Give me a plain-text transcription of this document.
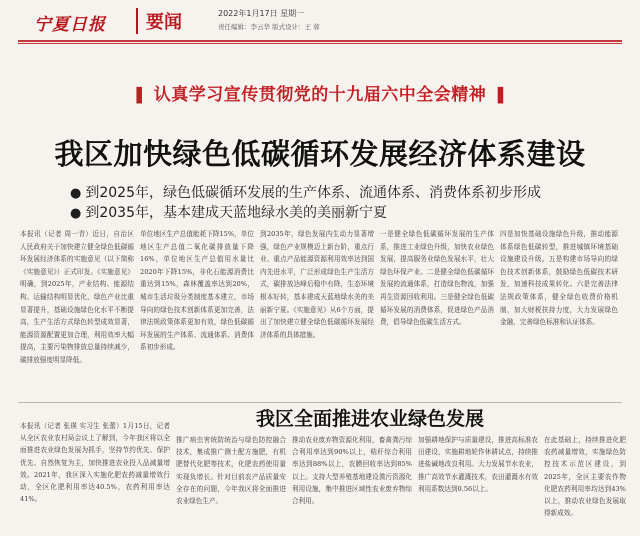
宁夏日报	要闻	2022年1月17日 星期一
责任编辑：李云华 版式设计：王 蓉
▌ 认真学习宣传贯彻党的十九届六中全会精神 ▐
我区加快绿色低碳循环发展经济体系建设
● 到2025年，绿色低碳循环发展的生产体系、流通体系、消费体系初步形成
● 到2035年，基本建成天蓝地绿水美的美丽新宁夏

本报讯（记者 周一青）近日，自治区人民政府关于加快建立健全绿色低碳循环发展经济体系的实施意见（以下简称《实施意见》）正式印发。《实施意见》明确，到2025年，产业结构、能源结构、运输结构明显优化，绿色产业比重显著提升，基础设施绿色化水平不断提高，生产生活方式绿色转型成效显著，能源资源配置更加合理，利用效率大幅提高，主要污染物排放总量持续减少，碳排放强度明显降低。

单位地区生产总值能耗下降15%，单位地区生产总值二氧化碳排放量下降16%，单位地区生产总值用水量比2020年下降15%，非化石能源消费比重达到15%，森林覆盖率达到20%，城市生活垃圾分类制度基本建立，市场导向的绿色技术创新体系更加完善，法律法规政策体系更加有效，绿色低碳循环发展的生产体系、流通体系、消费体系初步形成。

到2035年，绿色发展内生动力显著增强，绿色产业规模迈上新台阶，重点行业、重点产品能源资源利用效率达到国内先进水平，广泛形成绿色生产生活方式，碳排放达峰后稳中有降，生态环境根本好转，基本建成天蓝地绿水美的美丽新宁夏。《实施意见》从6个方面，提出了加快建立健全绿色低碳循环发展经济体系的具体措施。

一是健全绿色低碳循环发展的生产体系，推进工业绿色升级，加快农业绿色发展，提高服务业绿色发展水平，壮大绿色环保产业。二是健全绿色低碳循环发展的流通体系，打造绿色物流，加强再生资源回收利用。三是健全绿色低碳循环发展的消费体系，促进绿色产品消费，倡导绿色低碳生活方式。

四是加快基础设施绿色升级，推动能源体系绿色低碳转型，推进城镇环境基础设施建设升级。五是构建市场导向的绿色技术创新体系，鼓励绿色低碳技术研发，加速科技成果转化。六是完善法律法规政策体系，健全绿色收费价格机制，加大财税扶持力度，大力发展绿色金融，完善绿色标准和认证体系。

我区全面推进农业绿色发展

本报讯（记者 张瑛 实习生 张蕾）1月15日，记者从全区农业农村局会议上了解到，今年我区将以全面推进农业绿色发展为抓手，坚持节约优先、保护优先、自然恢复为主，加快推进农业投入品减量增效。2021年，我区深入实施化肥农药减量增效行动，全区化肥利用率达40.5%，农药利用率达41%。

推广病虫害统防统治与绿色防控融合技术，集成推广测土配方施肥，有机肥替代化肥等技术，化肥农药使用量实现负增长。针对目前农产品质量安全存在的问题，今年我区将全面推进农业绿色生产。

推动农业废弃物资源化利用，畜禽粪污综合利用率达到90%以上，秸秆综合利用率达到88%以上，农膜回收率达到85%以上。支持大型养殖基地建设粪污资源化利用设施，集中推进区域性农业废弃物综合利用。

加强耕地保护与质量建设，推进高标准农田建设，实施耕地轮作休耕试点，持续推进盐碱地改良利用。大力发展节水农业，推广高效节水灌溉技术，农田灌溉水有效利用系数达到0.56以上。

在此基础上，持续推进化肥农药减量增效，实施绿色防控技术示范区建设，到2025年，全区主要农作物化肥农药利用率均达到43%以上，推动农业绿色发展取得新成效。
